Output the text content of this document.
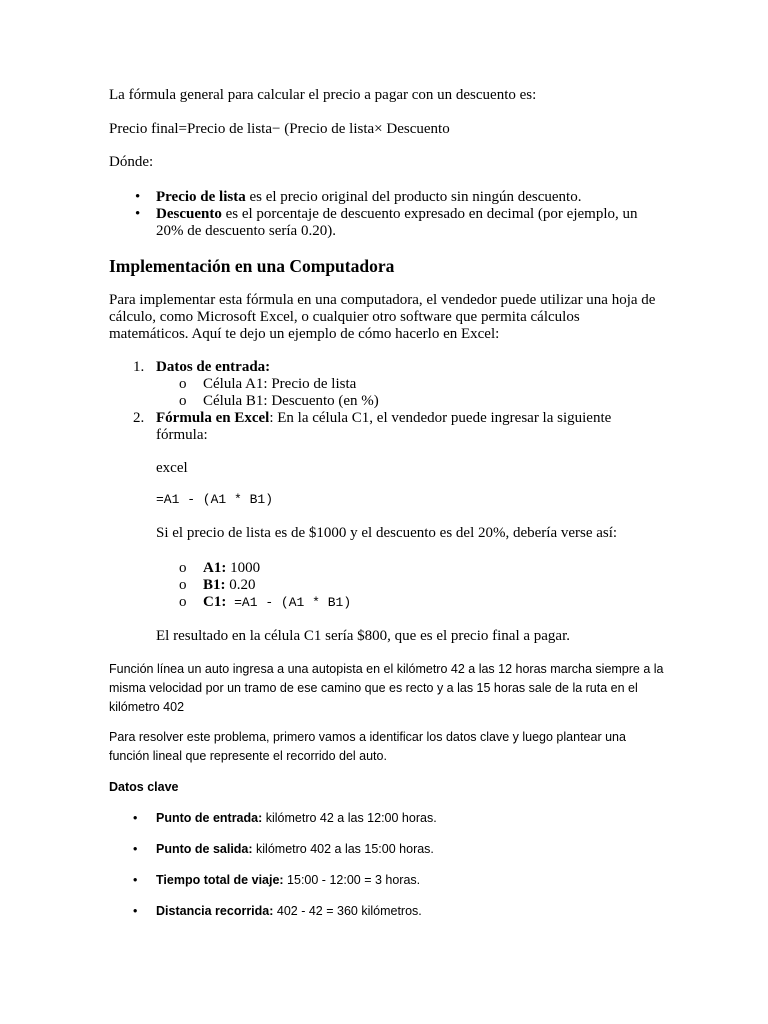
La fórmula general para calcular el precio a pagar con un descuento es:
Precio final=Precio de lista− (Precio de lista× Descuento
Dónde:
• Precio de lista es el precio original del producto sin ningún descuento.
• Descuento es el porcentaje de descuento expresado en decimal (por ejemplo, un 20% de descuento sería 0.20).
Implementación en una Computadora
Para implementar esta fórmula en una computadora, el vendedor puede utilizar una hoja de cálculo, como Microsoft Excel, o cualquier otro software que permita cálculos matemáticos. Aquí te dejo un ejemplo de cómo hacerlo en Excel:
1. Datos de entrada:
o Célula A1: Precio de lista
o Célula B1: Descuento (en %)
2. Fórmula en Excel: En la célula C1, el vendedor puede ingresar la siguiente fórmula:
excel
=A1 - (A1 * B1)
Si el precio de lista es de $1000 y el descuento es del 20%, debería verse así:
o A1: 1000
o B1: 0.20
o C1: =A1 - (A1 * B1)
El resultado en la célula C1 sería $800, que es el precio final a pagar.
Función línea un auto ingresa a una autopista en el kilómetro 42 a las 12 horas marcha siempre a la misma velocidad por un tramo de ese camino que es recto y a las 15 horas sale de la ruta en el kilómetro 402
Para resolver este problema, primero vamos a identificar los datos clave y luego plantear una función lineal que represente el recorrido del auto.
Datos clave
• Punto de entrada: kilómetro 42 a las 12:00 horas.
• Punto de salida: kilómetro 402 a las 15:00 horas.
• Tiempo total de viaje: 15:00 - 12:00 = 3 horas.
• Distancia recorrida: 402 - 42 = 360 kilómetros.
